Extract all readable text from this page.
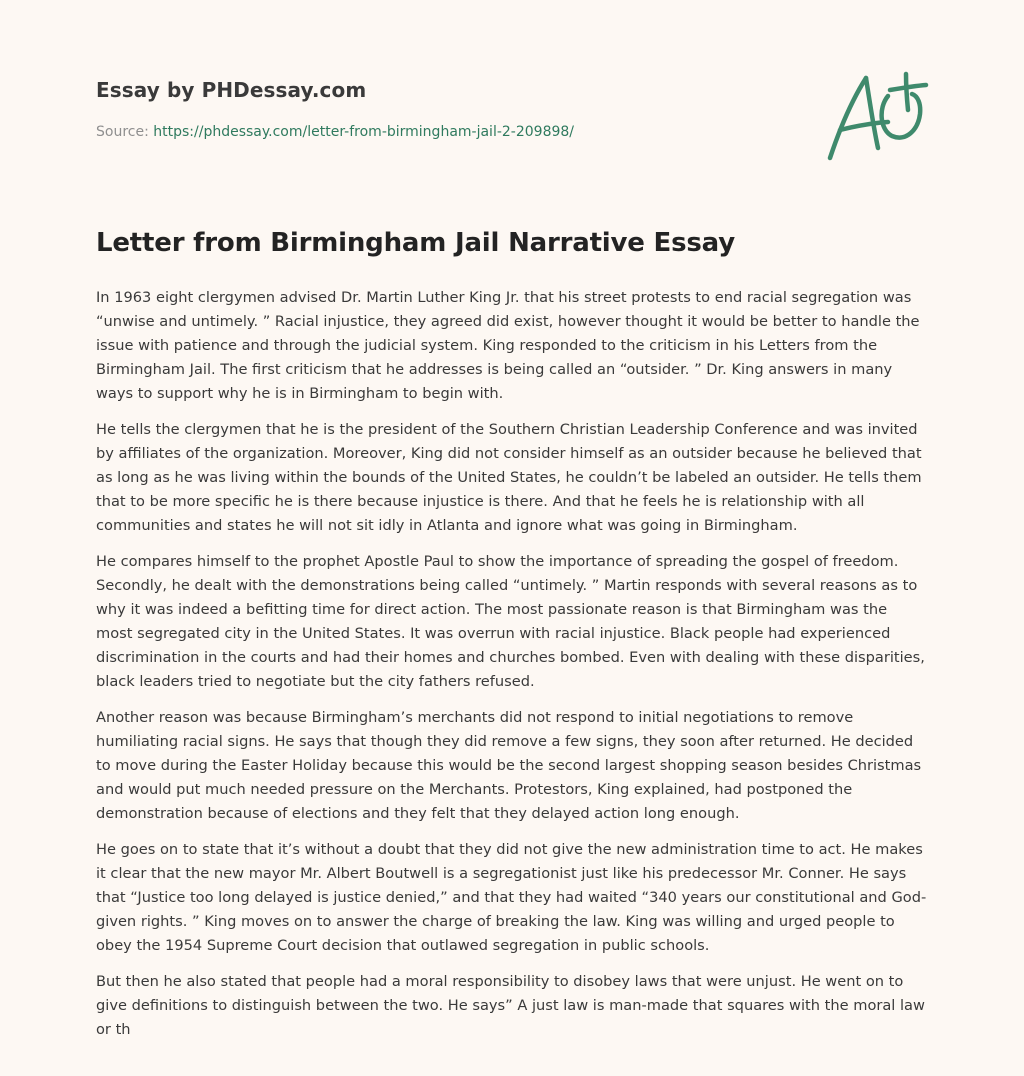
Essay by PHDessay.com
Source: https://phdessay.com/letter-from-birmingham-jail-2-209898/
Letter from Birmingham Jail Narrative Essay

In 1963 eight clergymen advised Dr. Martin Luther King Jr. that his street protests to end racial segregation was “unwise and untimely. ” Racial injustice, they agreed did exist, however thought it would be better to handle the issue with patience and through the judicial system. King responded to the criticism in his Letters from the Birmingham Jail. The first criticism that he addresses is being called an “outsider. ” Dr. King answers in many ways to support why he is in Birmingham to begin with.

He tells the clergymen that he is the president of the Southern Christian Leadership Conference and was invited by affiliates of the organization. Moreover, King did not consider himself as an outsider because he believed that as long as he was living within the bounds of the United States, he couldn’t be labeled an outsider. He tells them that to be more specific he is there because injustice is there. And that he feels he is relationship with all communities and states he will not sit idly in Atlanta and ignore what was going in Birmingham.

He compares himself to the prophet Apostle Paul to show the importance of spreading the gospel of freedom. Secondly, he dealt with the demonstrations being called “untimely. ” Martin responds with several reasons as to why it was indeed a befitting time for direct action. The most passionate reason is that Birmingham was the most segregated city in the United States. It was overrun with racial injustice. Black people had experienced discrimination in the courts and had their homes and churches bombed. Even with dealing with these disparities, black leaders tried to negotiate but the city fathers refused.

Another reason was because Birmingham’s merchants did not respond to initial negotiations to remove humiliating racial signs. He says that though they did remove a few signs, they soon after returned. He decided to move during the Easter Holiday because this would be the second largest shopping season besides Christmas and would put much needed pressure on the Merchants. Protestors, King explained, had postponed the demonstration because of elections and they felt that they delayed action long enough.

He goes on to state that it’s without a doubt that they did not give the new administration time to act. He makes it clear that the new mayor Mr. Albert Boutwell is a segregationist just like his predecessor Mr. Conner. He says that “Justice too long delayed is justice denied,” and that they had waited “340 years our constitutional and God-given rights. ” King moves on to answer the charge of breaking the law. King was willing and urged people to obey the 1954 Supreme Court decision that outlawed segregation in public schools.

But then he also stated that people had a moral responsibility to disobey laws that were unjust. He went on to give definitions to distinguish between the two. He says” A just law is man-made that squares with the moral law or th
